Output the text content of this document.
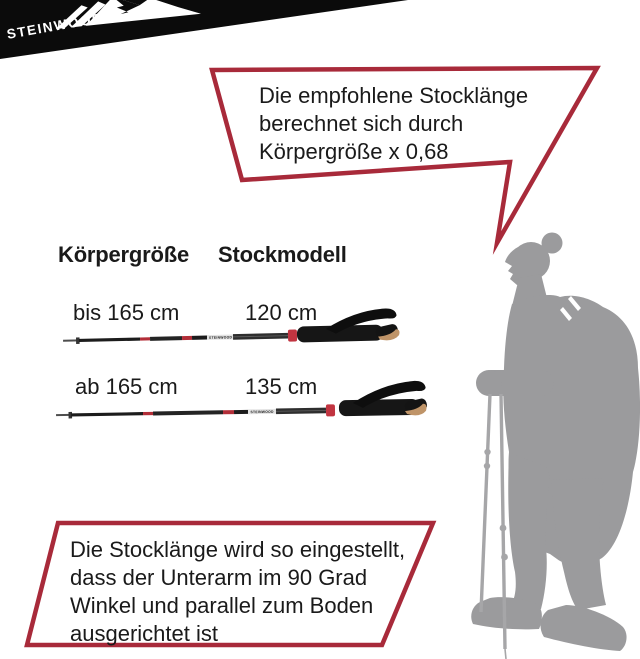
STEINWOOD
Die empfohlene Stocklänge
berechnet sich durch
Körpergröße x 0,68
Körpergröße Stockmodell
bis 165 cm	120 cm
ab 165 cm	135 cm
STEINWOOD
STEINWOOD
Die Stocklänge wird so eingestellt,
dass der Unterarm im 90 Grad
Winkel und parallel zum Boden
ausgerichtet ist
